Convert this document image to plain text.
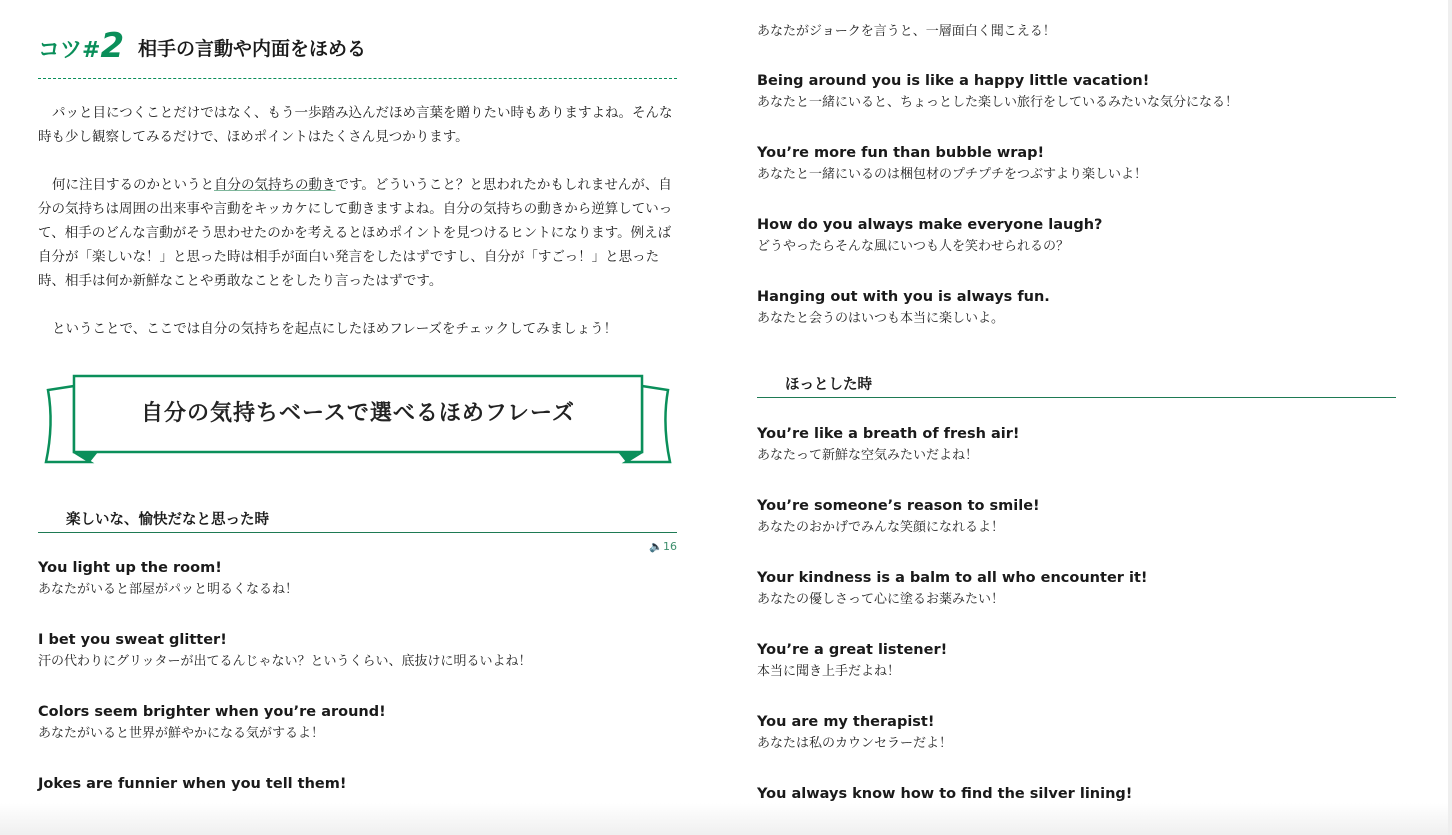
コツ#2 相手の言動や内面をほめる

パッと目につくことだけではなく、もう一歩踏み込んだほめ言葉を贈りたい時もありますよね。そんな時も少し観察してみるだけで、ほめポイントはたくさん見つかります。

何に注目するのかというと自分の気持ちの動きです。どういうこと？と思われたかもしれませんが、自分の気持ちは周囲の出来事や言動をキッカケにして動きますよね。自分の気持ちの動きから逆算していって、相手のどんな言動がそう思わせたのかを考えるとほめポイントを見つけるヒントになります。例えば自分が「楽しいな！」と思った時は相手が面白い発言をしたはずですし、自分が「すごっ！」と思った時、相手は何か新鮮なことや勇敢なことをしたり言ったはずです。

ということで、ここでは自分の気持ちを起点にしたほめフレーズをチェックしてみましょう！

自分の気持ちベースで選べるほめフレーズ
楽しいな、愉快だなと思った時
🔈16
You light up the room!
あなたがいると部屋がパッと明るくなるね！
I bet you sweat glitter!
汗の代わりにグリッターが出てるんじゃない？というくらい、底抜けに明るいよね！
Colors seem brighter when you’re around!
あなたがいると世界が鮮やかになる気がするよ！
Jokes are funnier when you tell them!
あなたがジョークを言うと、一層面白く聞こえる！
Being around you is like a happy little vacation!
あなたと一緒にいると、ちょっとした楽しい旅行をしているみたいな気分になる！
You’re more fun than bubble wrap!
あなたと一緒にいるのは梱包材のプチプチをつぶすより楽しいよ！
How do you always make everyone laugh?
どうやったらそんな風にいつも人を笑わせられるの？
Hanging out with you is always fun.
あなたと会うのはいつも本当に楽しいよ。
ほっとした時
You’re like a breath of fresh air!
あなたって新鮮な空気みたいだよね！
You’re someone’s reason to smile!
あなたのおかげでみんな笑顔になれるよ！
Your kindness is a balm to all who encounter it!
あなたの優しさって心に塗るお薬みたい！
You’re a great listener!
本当に聞き上手だよね！
You are my therapist!
あなたは私のカウンセラーだよ！
You always know how to find the silver lining!
